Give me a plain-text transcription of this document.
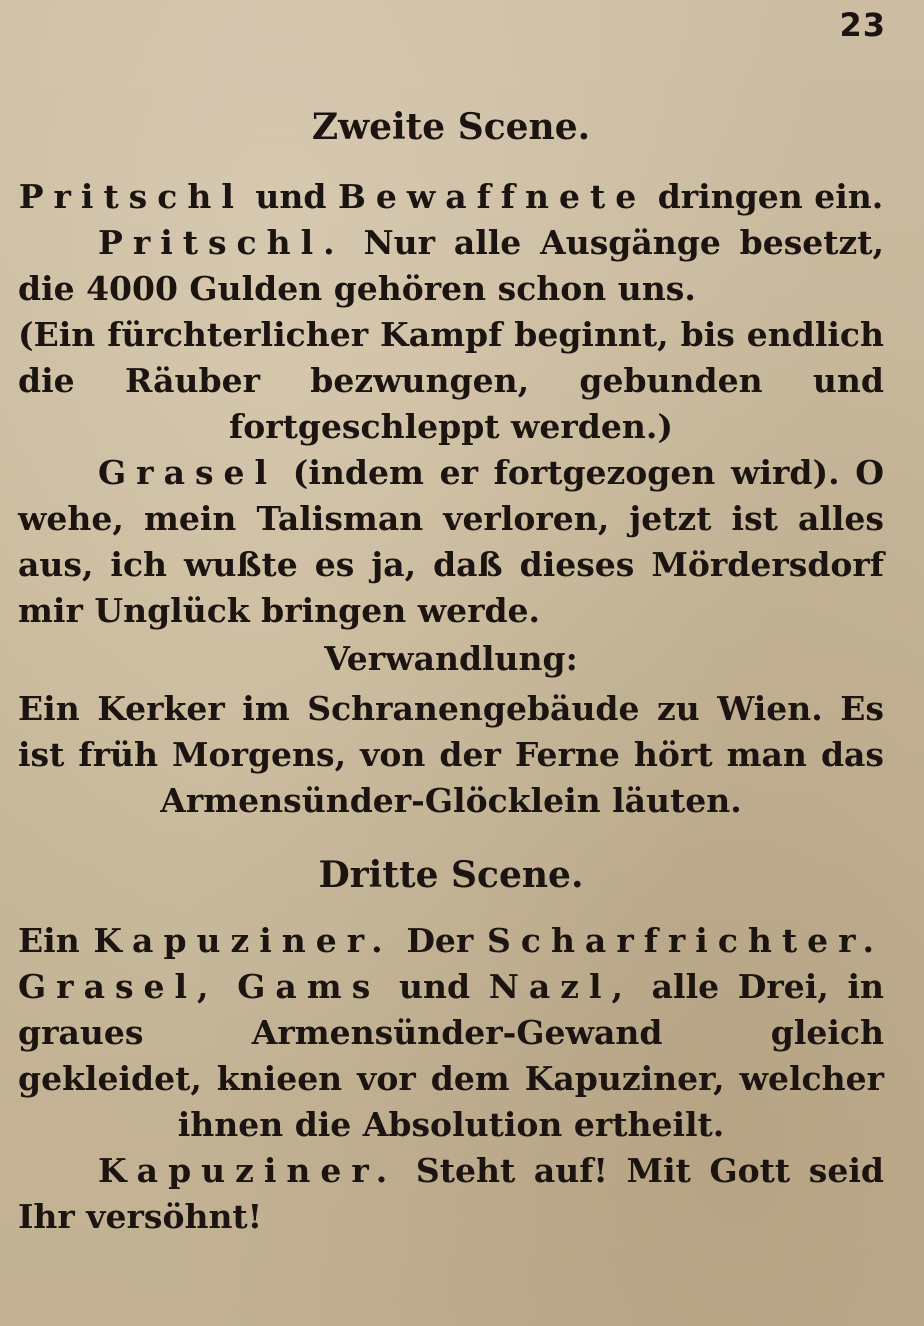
23
Zweite Scene.

Pritschl und Bewaffnete dringen ein.

Pritschl. Nur alle Ausgänge besetzt, die 4000 Gulden gehören schon uns.

(Ein fürchterlicher Kampf beginnt, bis endlich die Räuber bezwungen, gebunden und fortgeschleppt werden.)

Grasel (indem er fortgezogen wird). O wehe, mein Talisman verloren, jetzt ist alles aus, ich wußte es ja, daß dieses Mördersdorf mir Unglück bringen werde.

Verwandlung:

Ein Kerker im Schranengebäude zu Wien. Es ist früh Morgens, von der Ferne hört man das Armensünder-Glöcklein läuten.

Dritte Scene.

Ein Kapuziner. Der Scharfrichter. Grasel, Gams und Nazl, alle Drei, in graues Armensünder-Gewand gleich gekleidet, knieen vor dem Kapuziner, welcher ihnen die Absolution ertheilt.

Kapuziner. Steht auf! Mit Gott seid Ihr versöhnt!
